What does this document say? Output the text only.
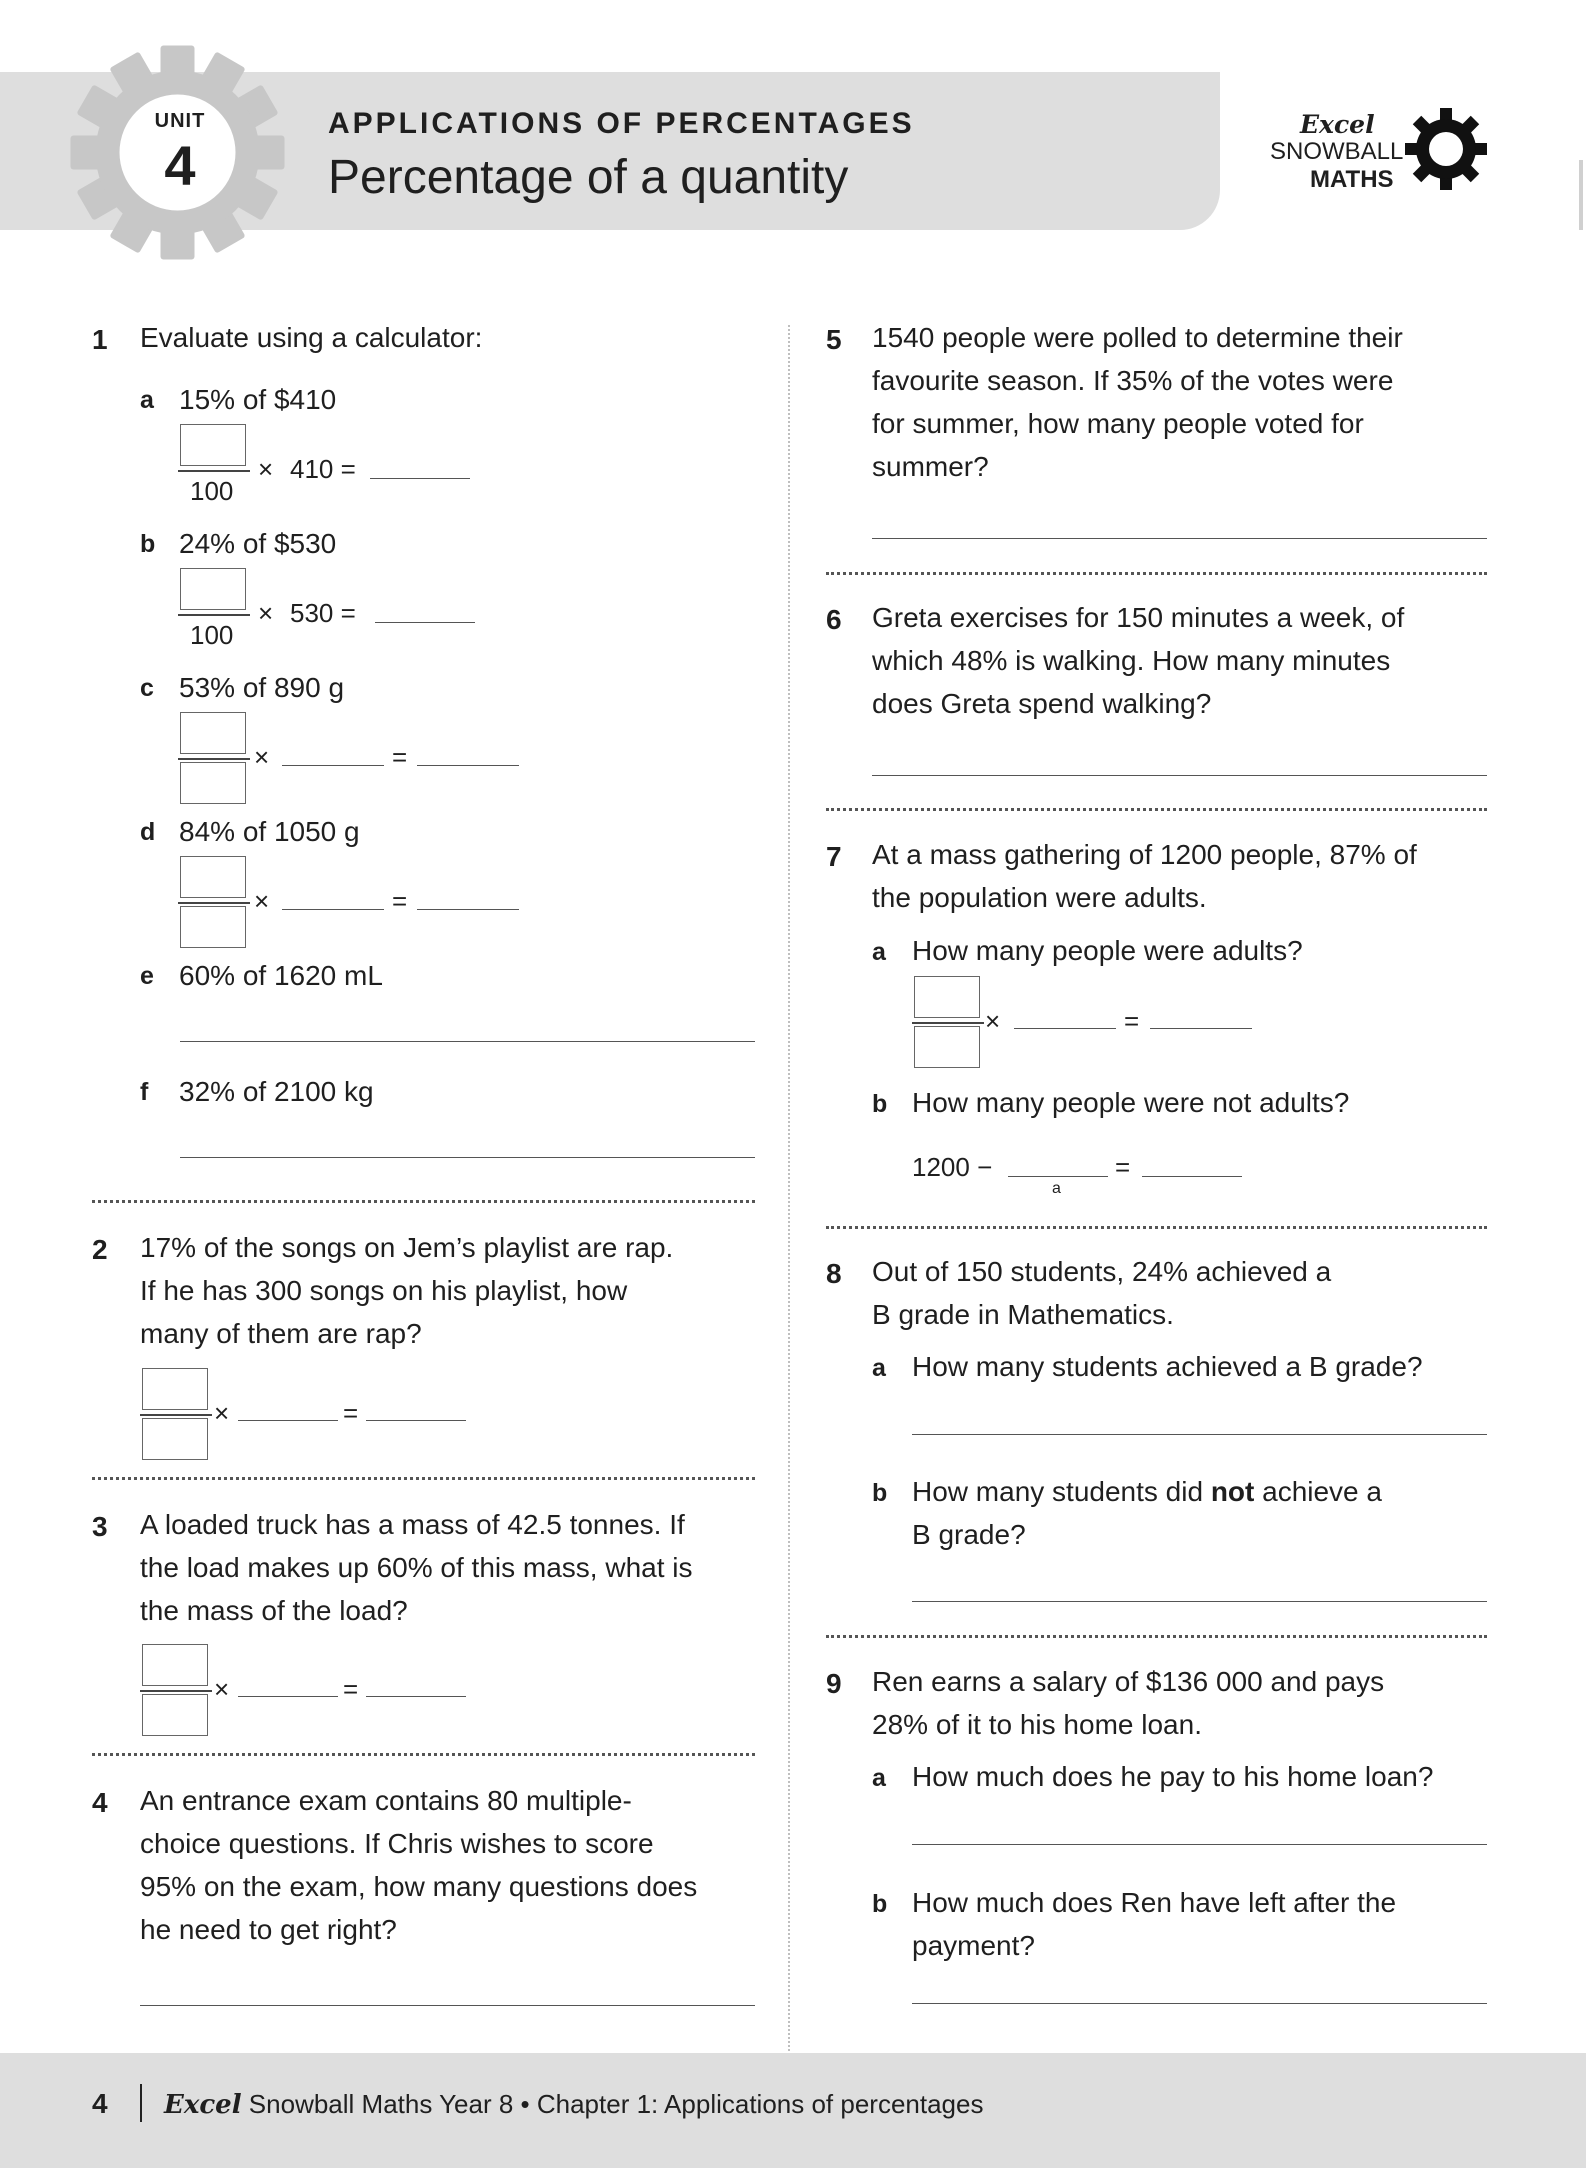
UNIT
4
APPLICATIONS OF PERCENTAGES
Percentage of a quantity
Excel
SNOWBALL
MATHS
1 Evaluate using a calculator:
a 15% of $410
100
× 410 =
b 24% of $530
100
× 530 =
c 53% of 890 g
×	=
d 84% of 1050 g
×	=
e 60% of 1620 mL
f 32% of 2100 kg
2 17% of the songs on Jem’s playlist are rap.
If he has 300 songs on his playlist, how
many of them are rap?
×	=
3 A loaded truck has a mass of 42.5 tonnes. If
the load makes up 60% of this mass, what is
the mass of the load?
×	=
4 An entrance exam contains 80 multiple-
choice questions. If Chris wishes to score
95% on the exam, how many questions does
he need to get right?
5 1540 people were polled to determine their
favourite season. If 35% of the votes were
for summer, how many people voted for
summer?
6 Greta exercises for 150 minutes a week, of
which 48% is walking. How many minutes
does Greta spend walking?
7 At a mass gathering of 1200 people, 87% of
the population were adults.
a How many people were adults?
×	=
b How many people were not adults?
1200 −
a
=
8 Out of 150 students, 24% achieved a
B grade in Mathematics.
a How many students achieved a B grade?
b How many students did not achieve a
B grade?
9 Ren earns a salary of $136 000 and pays
28% of it to his home loan.
a How much does he pay to his home loan?
b How much does Ren have left after the
payment?
4 Excel Snowball Maths Year 8 • Chapter 1: Applications of percentages
